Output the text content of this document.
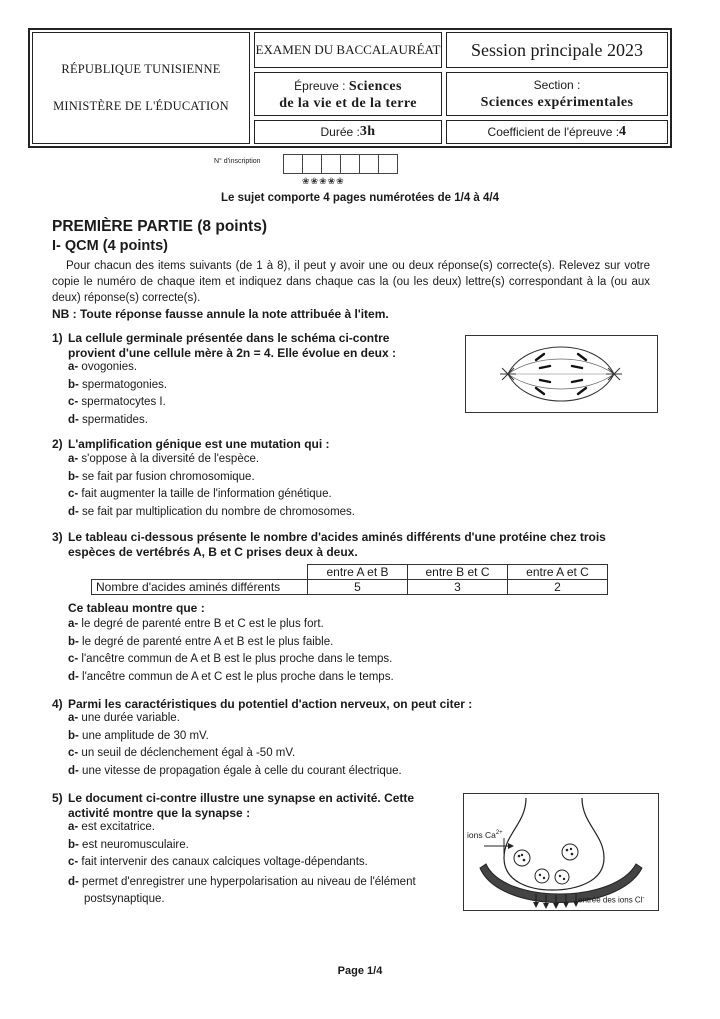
RÉPUBLIQUE TUNISIENNE
MINISTÈRE DE L'ÉDUCATION
EXAMEN DU BACCALAURÉAT	Session principale 2023
Épreuve : Sciences
de la vie et de la terre
Section :
Sciences expérimentales
Durée : 3h	Coefficient de l'épreuve : 4
N° d'inscription
❀❀❀❀❀
Le sujet comporte 4 pages numérotées de 1/4 à 4/4
PREMIÈRE PARTIE (8 points)
I- QCM (4 points)
Pour chacun des items suivants (de 1 à 8), il peut y avoir une ou deux réponse(s) correcte(s). Relevez sur votre copie le numéro de chaque item et indiquez dans chaque cas la (ou les deux) lettre(s) correspondant à la (ou aux deux) réponse(s) correcte(s).
NB : Toute réponse fausse annule la note attribuée à l'item.
1) La cellule germinale présentée dans le schéma ci-contre provient d'une cellule mère à 2n = 4. Elle évolue en deux :
a- ovogonies.
b- spermatogonies.
c- spermatocytes I.
d- spermatides.
2) L'amplification génique est une mutation qui :
a- s'oppose à la diversité de l'espèce.
b- se fait par fusion chromosomique.
c- fait augmenter la taille de l'information génétique.
d- se fait par multiplication du nombre de chromosomes.
3) Le tableau ci-dessous présente le nombre d'acides aminés différents d'une protéine chez trois espèces de vertébrés A, B et C prises deux à deux.
	entre A et B	entre B et C	entre A et C
Nombre d'acides aminés différents	5	3	2
Ce tableau montre que :
a- le degré de parenté entre B et C est le plus fort.
b- le degré de parenté entre A et B est le plus faible.
c- l'ancêtre commun de A et B est le plus proche dans le temps.
d- l'ancêtre commun de A et C est le plus proche dans le temps.
4) Parmi les caractéristiques du potentiel d'action nerveux, on peut citer :
a- une durée variable.
b- une amplitude de 30 mV.
c- un seuil de déclenchement égal à -50 mV.
d- une vitesse de propagation égale à celle du courant électrique.
5) Le document ci-contre illustre une synapse en activité. Cette activité montre que la synapse :
a- est excitatrice.
b- est neuromusculaire.
c- fait intervenir des canaux calciques voltage-dépendants.
d- permet d'enregistrer une hyperpolarisation au niveau de l'élément postsynaptique.
ions $Ca^{2+}$
entrée des ions Cl-
Page 1/4
